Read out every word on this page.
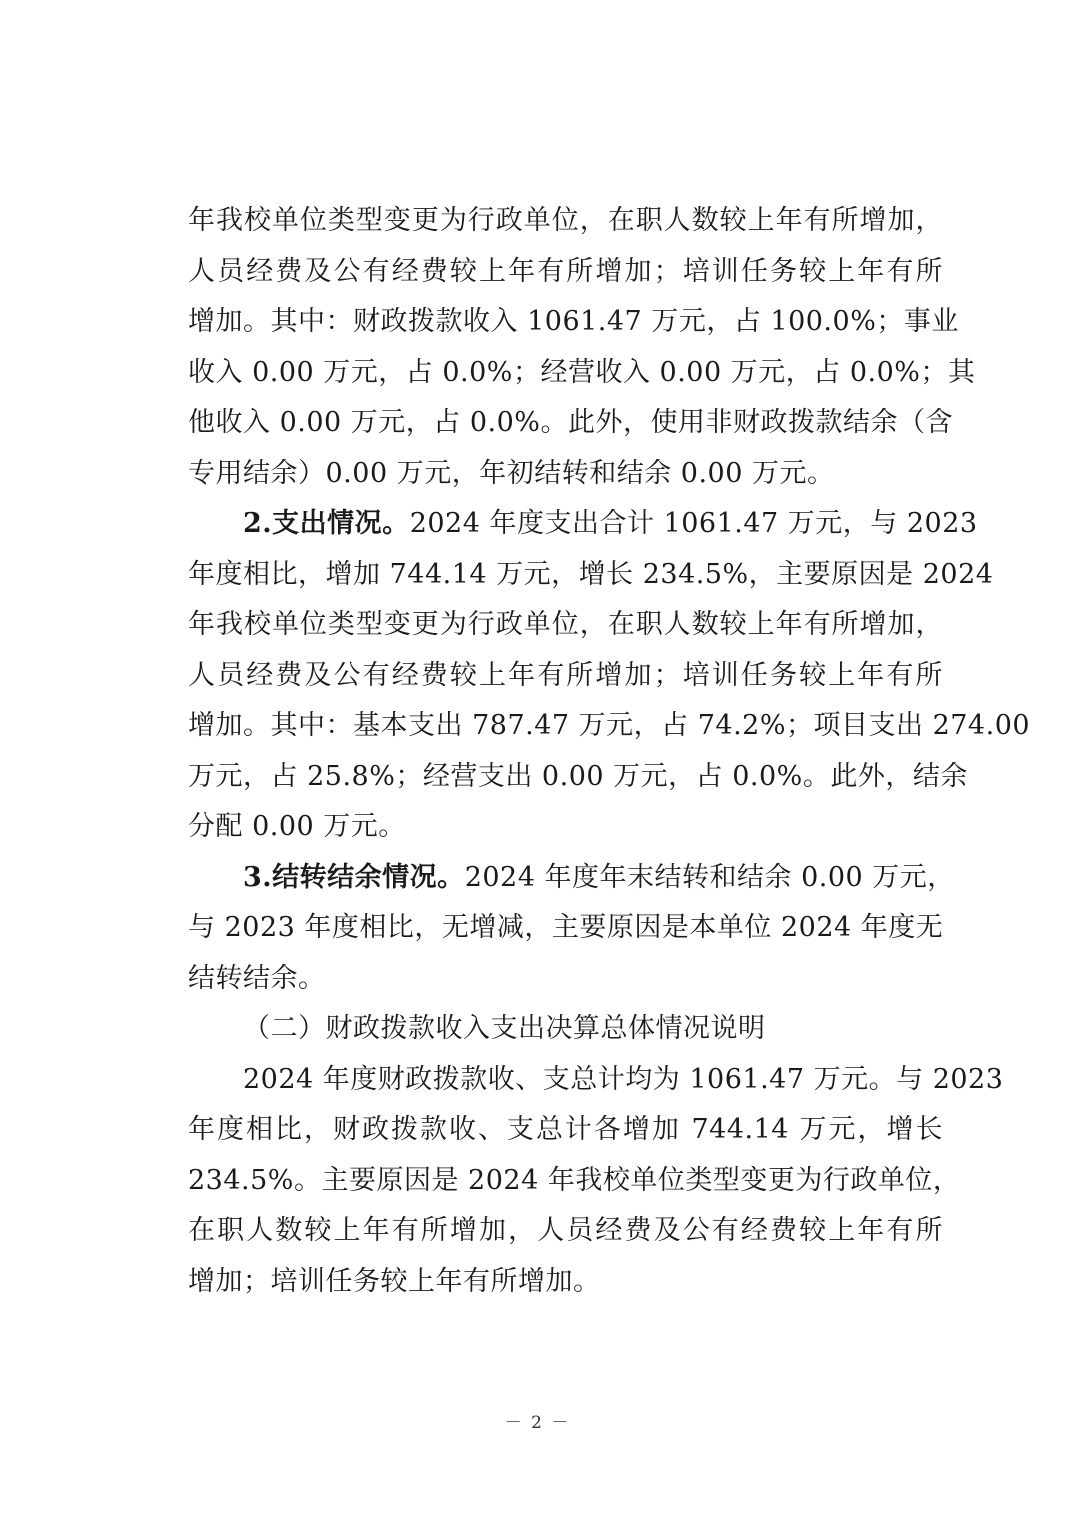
年我校单位类型变更为行政单位，在职人数较上年有所增加，
人员经费及公有经费较上年有所增加；培训任务较上年有所
增加。其中：财政拨款收入 1061.47 万元，占 100.0%；事业
收入 0.00 万元，占 0.0%；经营收入 0.00 万元，占 0.0%；其
他收入 0.00 万元，占 0.0%。此外，使用非财政拨款结余（含
专用结余）0.00 万元，年初结转和结余 0.00 万元。
2.支出情况。2024 年度支出合计 1061.47 万元，与 2023
年度相比，增加 744.14 万元，增长 234.5%，主要原因是 2024
年我校单位类型变更为行政单位，在职人数较上年有所增加，
人员经费及公有经费较上年有所增加；培训任务较上年有所
增加。其中：基本支出 787.47 万元，占 74.2%；项目支出 274.00
万元，占 25.8%；经营支出 0.00 万元，占 0.0%。此外，结余
分配 0.00 万元。
3.结转结余情况。2024 年度年末结转和结余 0.00 万元，
与 2023 年度相比，无增减，主要原因是本单位 2024 年度无
结转结余。
（二）财政拨款收入支出决算总体情况说明
2024 年度财政拨款收、支总计均为 1061.47 万元。与 2023
年度相比，财政拨款收、支总计各增加 744.14 万元，增长
234.5%。主要原因是 2024 年我校单位类型变更为行政单位，
在职人数较上年有所增加，人员经费及公有经费较上年有所
增加；培训任务较上年有所增加。
－ 2 －
